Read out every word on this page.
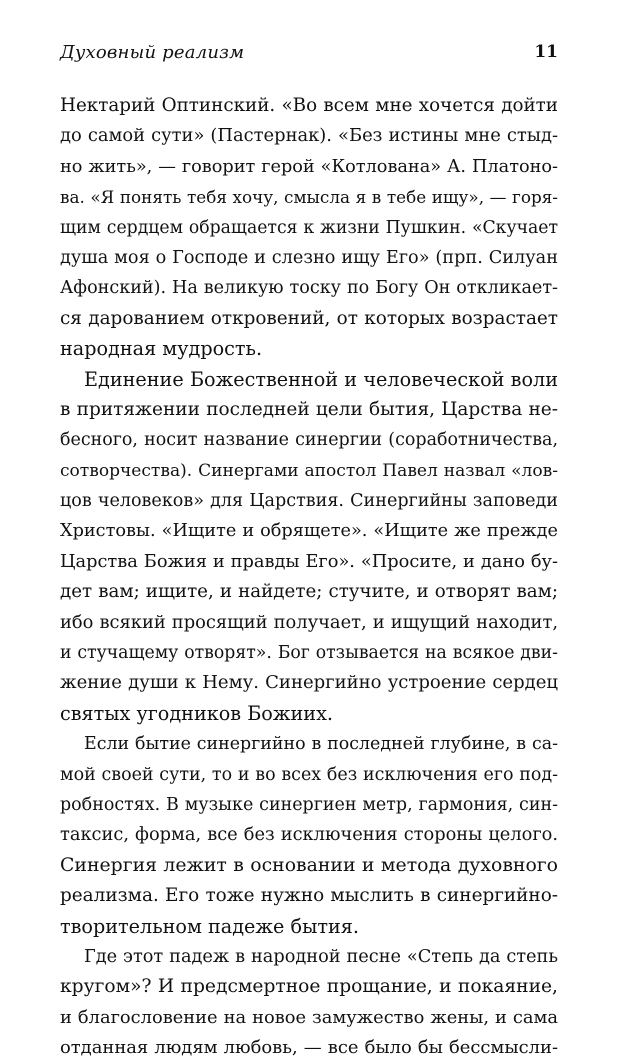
Духовный реализм	11
Нектарий Оптинский. «Во всем мне хочется дойти
до самой сути» (Пастернак). «Без истины мне стыд-
но жить», — говорит герой «Котлована» А. Платоно-
ва. «Я понять тебя хочу, смысла я в тебе ищу», — горя-
щим сердцем обращается к жизни Пушкин. «Скучает
душа моя о Господе и слезно ищу Его» (прп. Силуан
Афонский). На великую тоску по Богу Он откликает-
ся дарованием откровений, от которых возрастает
народная мудрость.
Единение Божественной и человеческой воли
в притяжении последней цели бытия, Царства не-
бесного, носит название синергии (соработничества,
сотворчества). Синергами апостол Павел назвал «лов-
цов человеков» для Царствия. Синергийны заповеди
Христовы. «Ищите и обрящете». «Ищите же прежде
Царства Божия и правды Его». «Просите, и дано бу-
дет вам; ищите, и найдете; стучите, и отворят вам;
ибо всякий просящий получает, и ищущий находит,
и стучащему отворят». Бог отзывается на всякое дви-
жение души к Нему. Синергийно устроение сердец
святых угодников Божиих.
Если бытие синергийно в последней глубине, в са-
мой своей сути, то и во всех без исключения его под-
робностях. В музыке синергиен метр, гармония, син-
таксис, форма, все без исключения стороны целого.
Синергия лежит в основании и метода духовного
реализма. Его тоже нужно мыслить в синергийно-
творительном падеже бытия.
Где этот падеж в народной песне «Степь да степь
кругом»? И предсмертное прощание, и покаяние,
и благословение на новое замужество жены, и сама
отданная людям любовь, — все было бы бессмысли-
